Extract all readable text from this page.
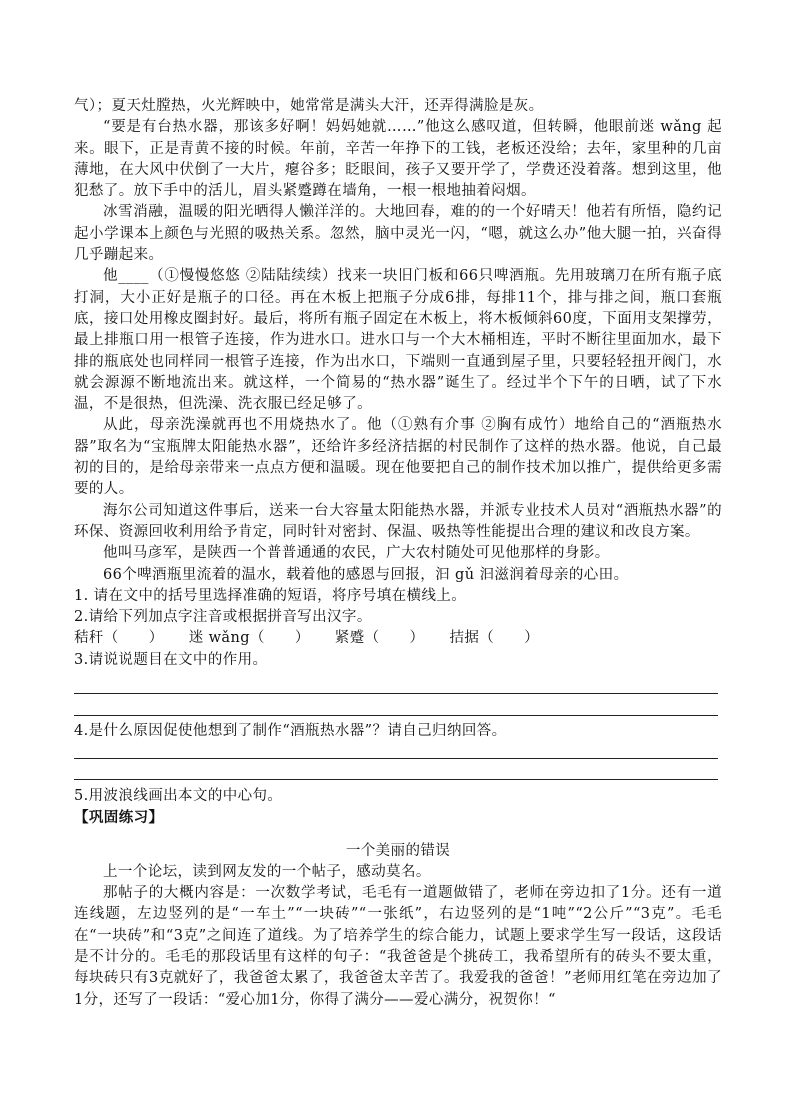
气）；夏天灶膛热，火光辉映中，她常常是满头大汗，还弄得满脸是灰。

“要是有台热水器，那该多好啊！妈妈她就……”他这么感叹道，但转瞬，他眼前迷 wǎng 起来。眼下，正是青黄不接的时候。年前，辛苦一年挣下的工钱，老板还没给；去年，家里种的几亩薄地，在大风中伏倒了一大片，瘪谷多；眨眼间，孩子又要开学了，学费还没着落。想到这里，他犯愁了。放下手中的活儿，眉头紧蹙蹲在墙角，一根一根地抽着闷烟。

冰雪消融，温暖的阳光晒得人懒洋洋的。大地回春，难的的一个好晴天！他若有所悟，隐约记起小学课本上颜色与光照的吸热关系。忽然，脑中灵光一闪，“嗯，就这么办”他大腿一拍，兴奋得几乎蹦起来。

他____（①慢慢悠悠 ②陆陆续续）找来一块旧门板和66只啤酒瓶。先用玻璃刀在所有瓶子底打洞，大小正好是瓶子的口径。再在木板上把瓶子分成6排，每排11个，排与排之间，瓶口套瓶底，接口处用橡皮圈封好。最后，将所有瓶子固定在木板上，将木板倾斜60度，下面用支架撑劳，最上排瓶口用一根管子连接，作为进水口。进水口与一个大木桶相连，平时不断往里面加水，最下排的瓶底处也同样同一根管子连接，作为出水口，下端则一直通到屋子里，只要轻轻扭开阀门，水就会源源不断地流出来。就这样，一个简易的“热水器”诞生了。经过半个下午的日晒，试了下水温，不是很热，但洗澡、洗衣服已经足够了。

从此，母亲洗澡就再也不用烧热水了。他（①熟有介事 ②胸有成竹）地给自己的“酒瓶热水器”取名为“宝瓶牌太阳能热水器”，还给许多经济拮据的村民制作了这样的热水器。他说，自己最初的目的，是给母亲带来一点点方便和温暖。现在他要把自己的制作技术加以推广，提供给更多需要的人。

海尔公司知道这件事后，送来一台大容量太阳能热水器，并派专业技术人员对“酒瓶热水器”的环保、资源回收利用给予肯定，同时针对密封、保温、吸热等性能提出合理的建议和改良方案。

他叫马彦军，是陕西一个普普通通的农民，广大农村随处可见他那样的身影。

66个啤酒瓶里流着的温水，载着他的感恩与回报，汩 gǔ 汩滋润着母亲的心田。

1. 请在文中的括号里选择准确的短语，将序号填在横线上。

2.请给下列加点字注音或根据拼音写出汉字。

秸秆（      ）     迷 wǎng（      ）     紧蹙（      ）     拮据（      ）

3.请说说题目在文中的作用。

4.是什么原因促使他想到了制作“酒瓶热水器”？请自己归纳回答。

5.用波浪线画出本文的中心句。

【巩固练习】

一个美丽的错误

上一个论坛，读到网友发的一个帖子，感动莫名。

那帖子的大概内容是：一次数学考试，毛毛有一道题做错了，老师在旁边扣了1分。还有一道连线题，左边竖列的是“一车土”“一块砖”“一张纸”，右边竖列的是“1吨”“2公斤”“3克”。毛毛在“一块砖”和“3克”之间连了道线。为了培养学生的综合能力，试题上要求学生写一段话，这段话是不计分的。毛毛的那段话里有这样的句子：“我爸爸是个挑砖工，我希望所有的砖头不要太重，每块砖只有3克就好了，我爸爸太累了，我爸爸太辛苦了。我爱我的爸爸！”老师用红笔在旁边加了1分，还写了一段话：“爱心加1分，你得了满分——爱心满分，祝贺你！“
